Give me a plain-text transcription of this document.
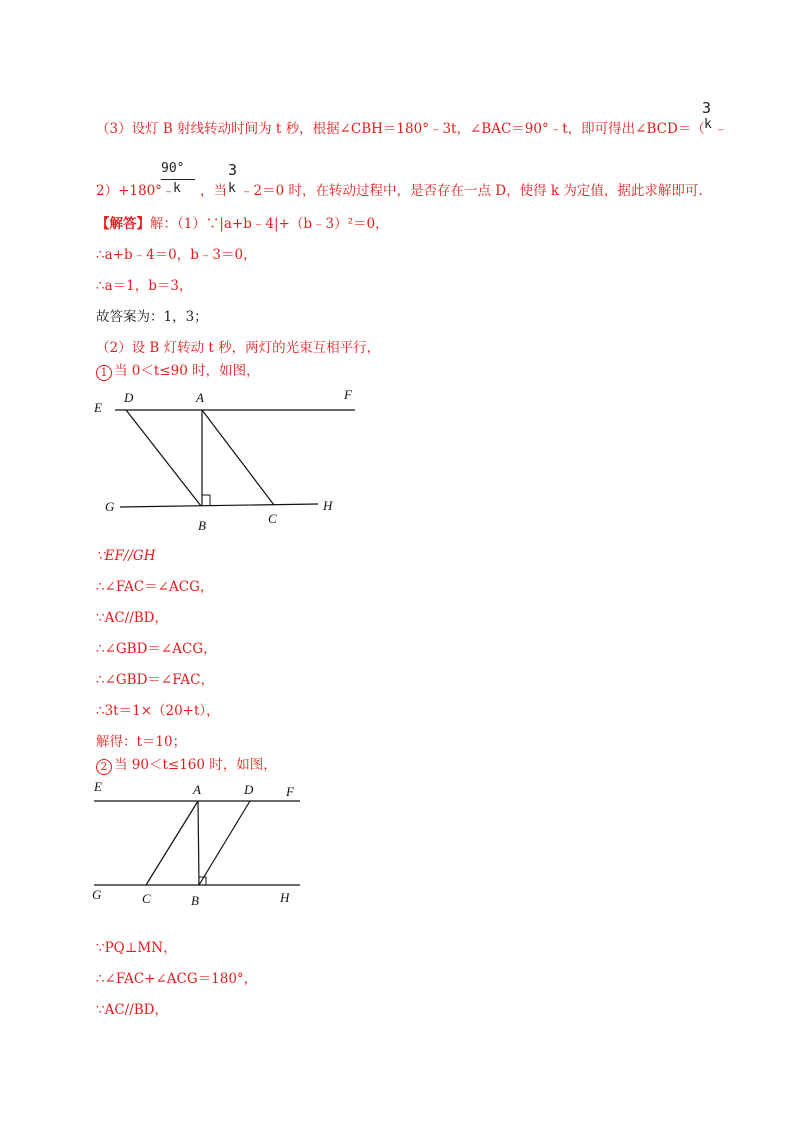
（3）设灯 B 射线转动时间为 t 秒，根据∠CBH＝180°﹣3t，∠BAC＝90°﹣t，即可得出∠BCD＝（
3
k ﹣
90°
k
3
k
2）+180°﹣ ，当 ﹣2＝0 时，在转动过程中，是否存在一点 D，使得 k 为定值，据此求解即可.
【解答】解：（1）∵|a+b﹣4|+（b﹣3）²＝0，
∴a+b﹣4＝0，b﹣3＝0，
∴a＝1，b＝3，
故答案为：1，3；
（2）设 B 灯转动 t 秒，两灯的光束互相平行，
1 当 0＜t≤90 时，如图，
E
D	A	F
G
B	C
H
∵EF//GH
∴∠FAC＝∠ACG，
∵AC//BD，
∴∠GBD＝∠ACG，
∴∠GBD＝∠FAC，
∴3t＝1×（20+t），
解得：t＝10；
2 当 90＜t≤160 时，如图，
E	A	D	F
G	C	B	H
∵PQ⊥MN，
∴∠FAC+∠ACG＝180°，
∵AC//BD，
